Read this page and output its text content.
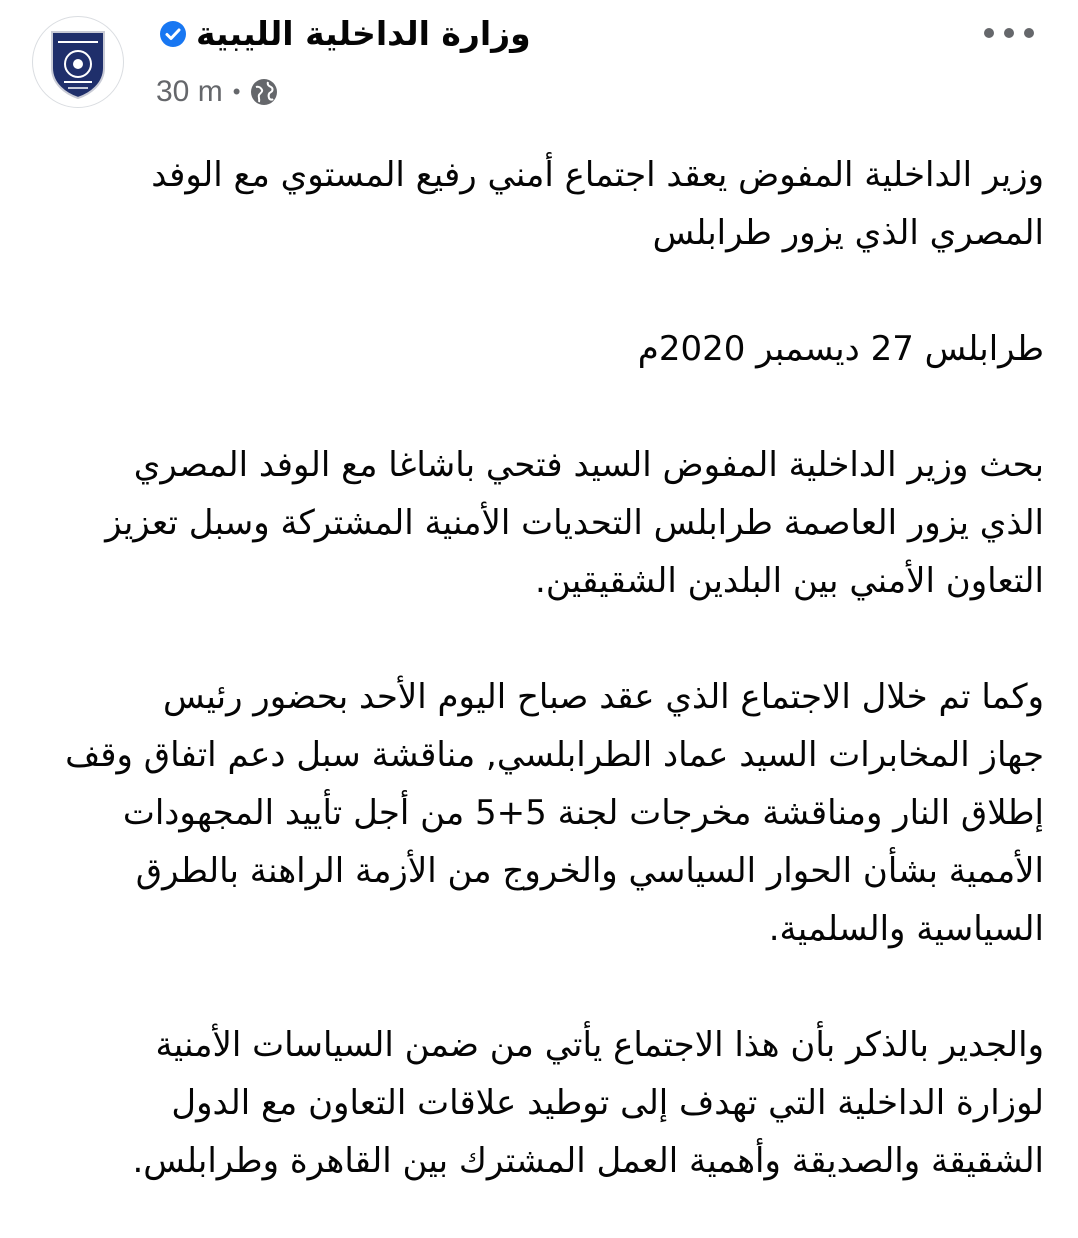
وزارة الداخلية الليبية
30 m •

وزير الداخلية المفوض يعقد اجتماع أمني رفيع المستوي مع الوفد
المصري الذي يزور طرابلس

طرابلس 27 ديسمبر 2020م

بحث وزير الداخلية المفوض السيد فتحي باشاغا مع الوفد المصري
الذي يزور العاصمة طرابلس التحديات الأمنية المشتركة وسبل تعزيز
التعاون الأمني بين البلدين الشقيقين.

وكما تم خلال الاجتماع الذي عقد صباح اليوم الأحد بحضور رئيس
جهاز المخابرات السيد عماد الطرابلسي, مناقشة سبل دعم اتفاق وقف
إطلاق النار ومناقشة مخرجات لجنة 5+5 من أجل تأييد المجهودات
الأممية بشأن الحوار السياسي والخروج من الأزمة الراهنة بالطرق
السياسية والسلمية.

والجدير بالذكر بأن هذا الاجتماع يأتي من ضمن السياسات الأمنية
لوزارة الداخلية التي تهدف إلى توطيد علاقات التعاون مع الدول
الشقيقة والصديقة وأهمية العمل المشترك بين القاهرة وطرابلس.
